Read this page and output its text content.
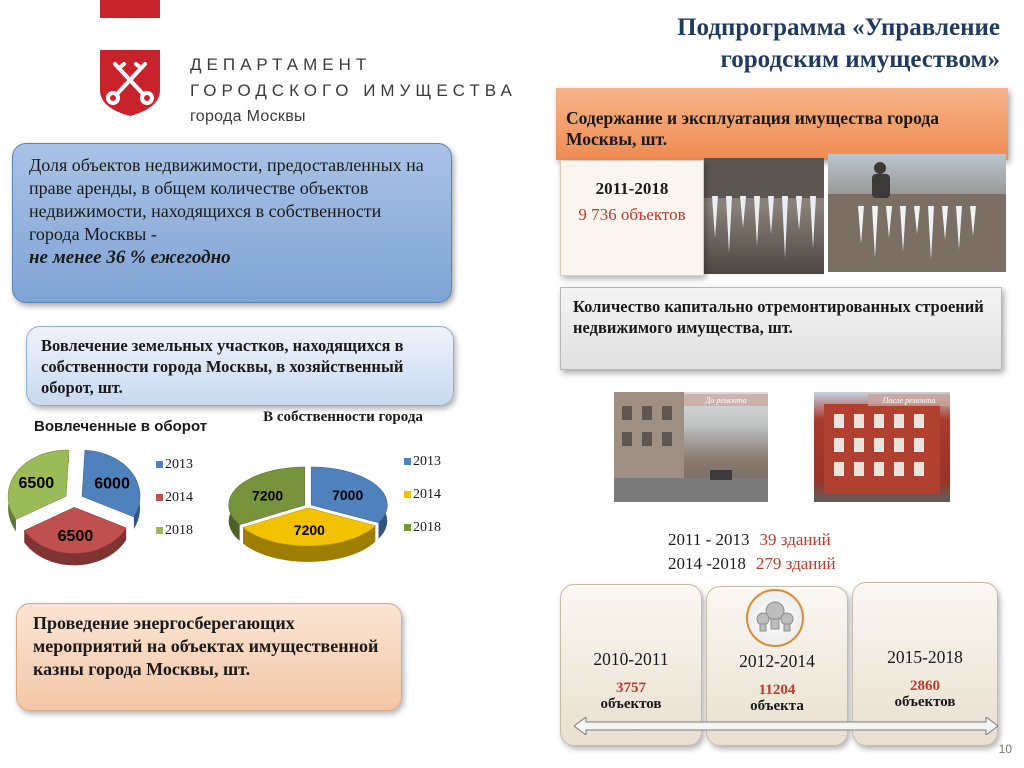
ДЕПАРТАМЕНТ
ГОРОДСКОГО ИМУЩЕСТВА
города Москвы
Подпрограмма «Управление городским имуществом»
Доля объектов недвижимости, предоставленных на праве аренды, в общем количестве объектов недвижимости, находящихся в собственности города Москвы -
не менее 36 % ежегодно
Вовлечение земельных участков, находящихся в собственности города Москвы, в хозяйственный оборот, шт.
Вовлеченные в оборот
В собственности города
6000
6500
6500
7000
7200
7200
2013
2014
2018
2013
2014
2018
Проведение энергосберегающих мероприятий на объектах имущественной казны города Москвы, шт.
Содержание и эксплуатация имущества города Москвы, шт.
2011-2018
9 736 объектов
Количество капитально отремонтированных строений недвижимого имущества, шт.
До ремонта	После ремонта
2011 - 2013 39 зданий
2014 -2018 279 зданий
2010-2011
3757
объектов
2012-2014
11204
объекта
2015-2018
2860
объектов
10
